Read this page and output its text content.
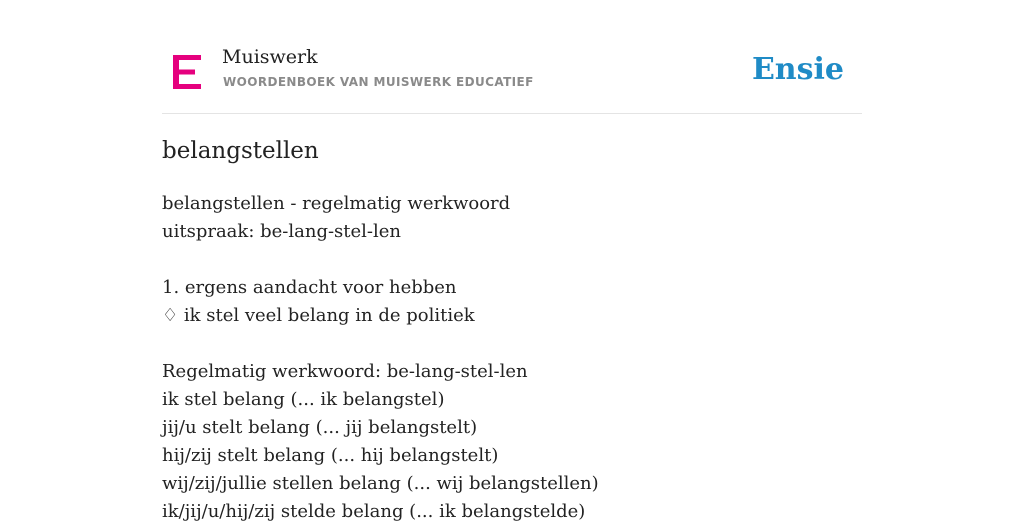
Muiswerk
WOORDENBOEK VAN MUISWERK EDUCATIEF	Ensie
belangstellen
belangstellen - regelmatig werkwoord
uitspraak: be-lang-stel-len
1. ergens aandacht voor hebben
♢ ik stel veel belang in de politiek
Regelmatig werkwoord: be-lang-stel-len
ik stel belang (... ik belangstel)
jij/u stelt belang (... jij belangstelt)
hij/zij stelt belang (... hij belangstelt)
wij/zij/jullie stellen belang (... wij belangstellen)
ik/jij/u/hij/zij stelde belang (... ik belangstelde)
